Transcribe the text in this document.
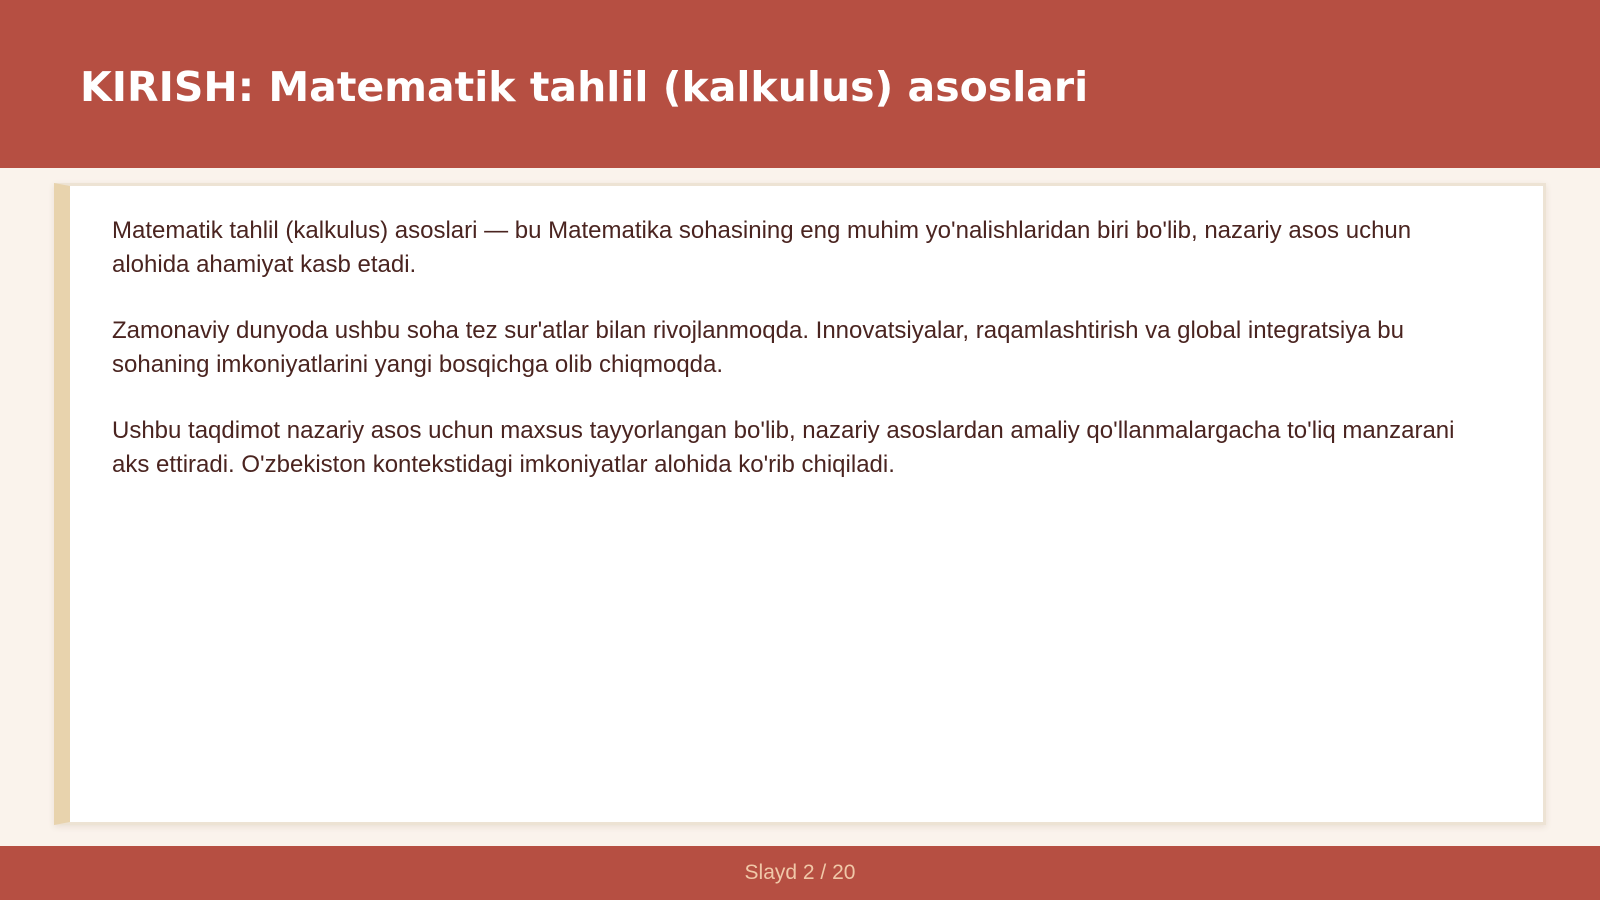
KIRISH: Matematik tahlil (kalkulus) asoslari

Matematik tahlil (kalkulus) asoslari — bu Matematika sohasining eng muhim yo'nalishlaridan biri bo'lib, nazariy asos uchun alohida ahamiyat kasb etadi.

Zamonaviy dunyoda ushbu soha tez sur'atlar bilan rivojlanmoqda. Innovatsiyalar, raqamlashtirish va global integratsiya bu sohaning imkoniyatlarini yangi bosqichga olib chiqmoqda.

Ushbu taqdimot nazariy asos uchun maxsus tayyorlangan bo'lib, nazariy asoslardan amaliy qo'llanmalargacha to'liq manzarani aks ettiradi. O'zbekiston kontekstidagi imkoniyatlar alohida ko'rib chiqiladi.

Slayd 2 / 20
